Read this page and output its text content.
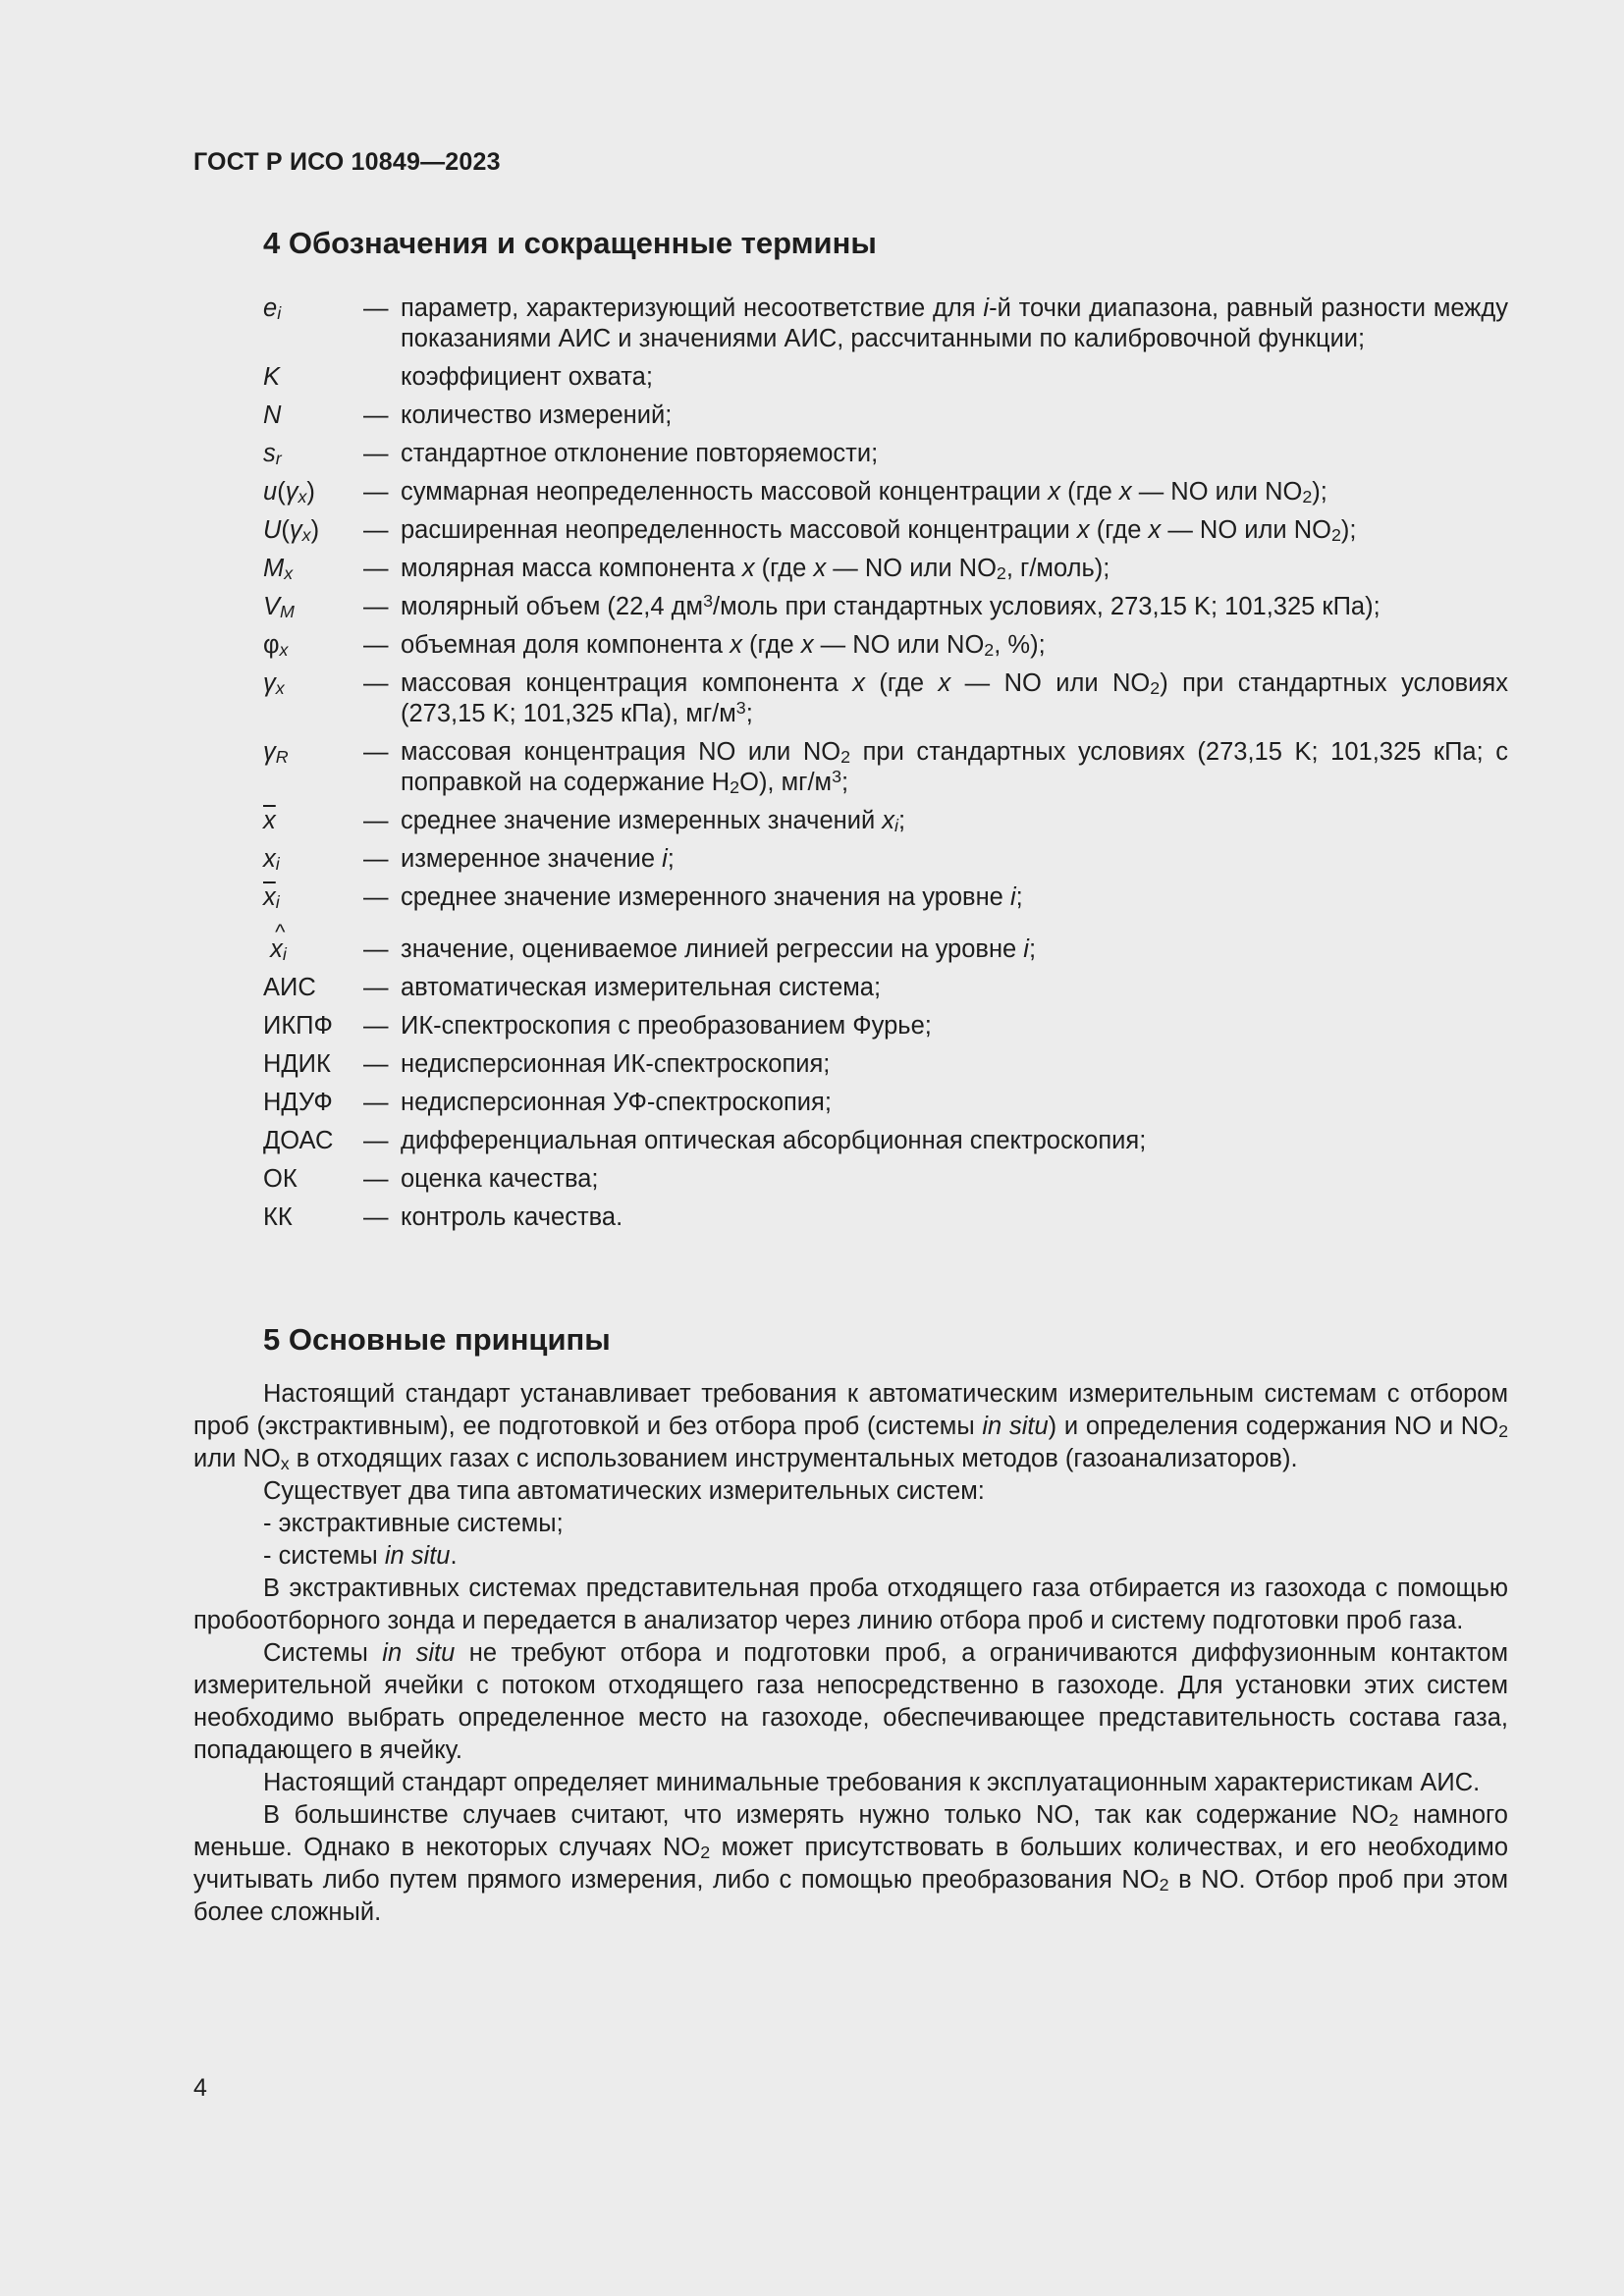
ГОСТ Р ИСО 10849—2023
4 Обозначения и сокращенные термины
$e_i$	— параметр, характеризующий несоответствие для i-й точки диапазона, равный разности между показаниями АИС и значениями АИС, рассчитанными по калибровочной функции;
K	коэффициент охвата;
N	— количество измерений;
$s_r$	— стандартное отклонение повторяемости;
$u(\gamma_x)$	— суммарная неопределенность массовой концентрации x (где x — NO или $NO_2$);
$U(\gamma_x)$	— расширенная неопределенность массовой концентрации x (где x — NO или $NO_2$);
$M_x$	— молярная масса компонента x (где x — NO или $NO_2$, г/моль);
$V_M$	— молярный объем (22,4 $дм^3$/моль при стандартных условиях, 273,15 K; 101,325 кПа);
$\varphi_x$	— объемная доля компонента x (где x — NO или $NO_2$, %);
$\gamma_x$	— массовая концентрация компонента x (где x — NO или $NO_2$) при стандартных условиях (273,15 K; 101,325 кПа), $мг/м^3$;
$\gamma_R$	— массовая концентрация NO или $NO_2$ при стандартных условиях (273,15 K; 101,325 кПа; с поправкой на содержание $H_2O$), $мг/м^3$;
$\overline{x}$	— среднее значение измеренных значений $x_i$;
$x_i$	— измеренное значение i;
$\overline{x}_i$	— среднее значение измеренного значения на уровне i;
^ $x_i$	— значение, оцениваемое линией регрессии на уровне i;
АИС	— автоматическая измерительная система;
ИКПФ	— ИК-спектроскопия с преобразованием Фурье;
НДИК	— недисперсионная ИК-спектроскопия;
НДУФ	— недисперсионная УФ-спектроскопия;
ДОАС	— дифференциальная оптическая абсорбционная спектроскопия;
ОК	— оценка качества;
КК	— контроль качества.
5 Основные принципы

Настоящий стандарт устанавливает требования к автоматическим измерительным системам с отбором проб (экстрактивным), ее подготовкой и без отбора проб (системы in situ) и определения содержания NO и $NO_2$ или $NO_x$ в отходящих газах с использованием инструментальных методов (газоанализаторов).

Существует два типа автоматических измерительных систем:

- экстрактивные системы;

- системы in situ.

В экстрактивных системах представительная проба отходящего газа отбирается из газохода с помощью пробоотборного зонда и передается в анализатор через линию отбора проб и систему подготовки проб газа.

Системы in situ не требуют отбора и подготовки проб, а ограничиваются диффузионным контактом измерительной ячейки с потоком отходящего газа непосредственно в газоходе. Для установки этих систем необходимо выбрать определенное место на газоходе, обеспечивающее представительность состава газа, попадающего в ячейку.

Настоящий стандарт определяет минимальные требования к эксплуатационным характеристикам АИС.

В большинстве случаев считают, что измерять нужно только NO, так как содержание $NO_2$ намного меньше. Однако в некоторых случаях $NO_2$ может присутствовать в больших количествах, и его необходимо учитывать либо путем прямого измерения, либо с помощью преобразования $NO_2$ в NO. Отбор проб при этом более сложный.

4
